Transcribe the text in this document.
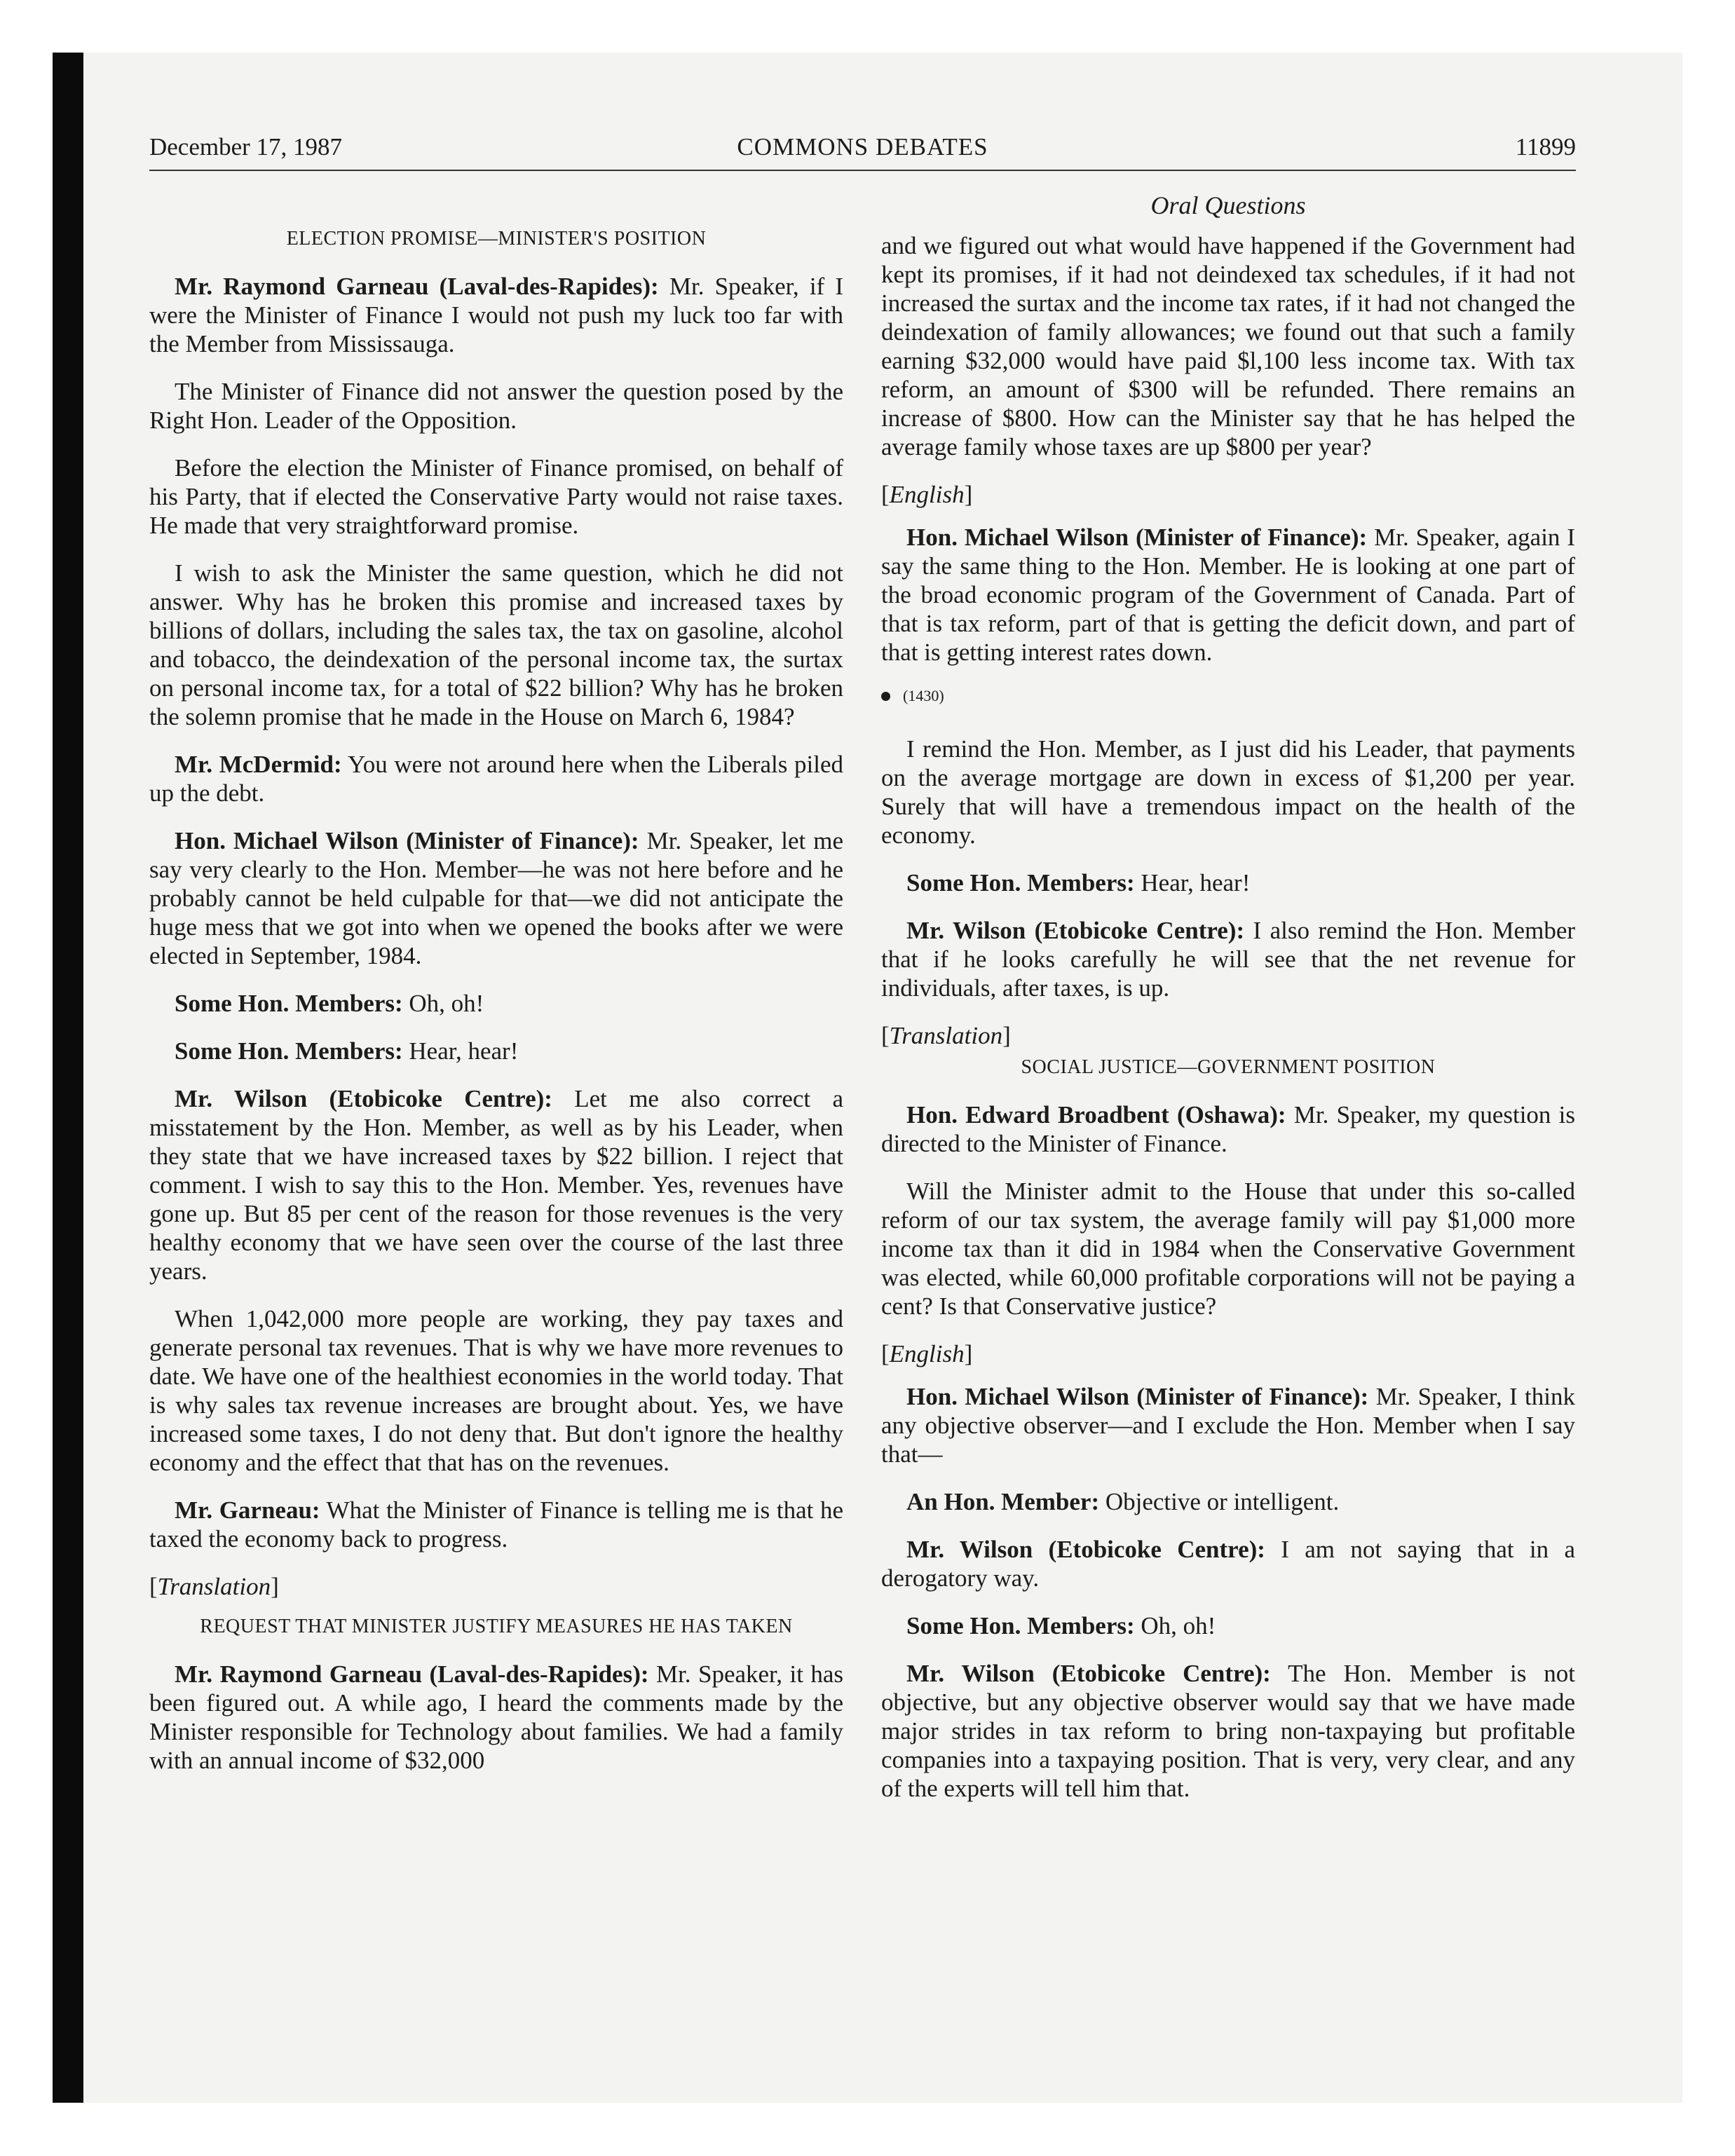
December 17, 1987	COMMONS DEBATES	11899
ELECTION PROMISE—MINISTER'S POSITION

Mr. Raymond Garneau (Laval-des-Rapides): Mr. Speaker, if I were the Minister of Finance I would not push my luck too far with the Member from Mississauga.

The Minister of Finance did not answer the question posed by the Right Hon. Leader of the Opposition.

Before the election the Minister of Finance promised, on behalf of his Party, that if elected the Conservative Party would not raise taxes. He made that very straightforward promise.

I wish to ask the Minister the same question, which he did not answer. Why has he broken this promise and increased taxes by billions of dollars, including the sales tax, the tax on gasoline, alcohol and tobacco, the deindexation of the personal income tax, the surtax on personal income tax, for a total of $22 billion? Why has he broken the solemn promise that he made in the House on March 6, 1984?

Mr. McDermid: You were not around here when the Liberals piled up the debt.

Hon. Michael Wilson (Minister of Finance): Mr. Speaker, let me say very clearly to the Hon. Member—he was not here before and he probably cannot be held culpable for that—we did not anticipate the huge mess that we got into when we opened the books after we were elected in September, 1984.

Some Hon. Members: Oh, oh!

Some Hon. Members: Hear, hear!

Mr. Wilson (Etobicoke Centre): Let me also correct a misstatement by the Hon. Member, as well as by his Leader, when they state that we have increased taxes by $22 billion. I reject that comment. I wish to say this to the Hon. Member. Yes, revenues have gone up. But 85 per cent of the reason for those revenues is the very healthy economy that we have seen over the course of the last three years.

When 1,042,000 more people are working, they pay taxes and generate personal tax revenues. That is why we have more revenues to date. We have one of the healthiest economies in the world today. That is why sales tax revenue increases are brought about. Yes, we have increased some taxes, I do not deny that. But don't ignore the healthy economy and the effect that that has on the revenues.

Mr. Garneau: What the Minister of Finance is telling me is that he taxed the economy back to progress.

[Translation]
REQUEST THAT MINISTER JUSTIFY MEASURES HE HAS TAKEN

Mr. Raymond Garneau (Laval-des-Rapides): Mr. Speaker, it has been figured out. A while ago, I heard the comments made by the Minister responsible for Technology about families. We had a family with an annual income of $32,000

Oral Questions

and we figured out what would have happened if the Government had kept its promises, if it had not deindexed tax schedules, if it had not increased the surtax and the income tax rates, if it had not changed the deindexation of family allowances; we found out that such a family earning $32,000 would have paid $l,100 less income tax. With tax reform, an amount of $300 will be refunded. There remains an increase of $800. How can the Minister say that he has helped the average family whose taxes are up $800 per year?

[English]

Hon. Michael Wilson (Minister of Finance): Mr. Speaker, again I say the same thing to the Hon. Member. He is looking at one part of the broad economic program of the Government of Canada. Part of that is tax reform, part of that is getting the deficit down, and part of that is getting interest rates down.

(1430)

I remind the Hon. Member, as I just did his Leader, that payments on the average mortgage are down in excess of $1,200 per year. Surely that will have a tremendous impact on the health of the economy.

Some Hon. Members: Hear, hear!

Mr. Wilson (Etobicoke Centre): I also remind the Hon. Member that if he looks carefully he will see that the net revenue for individuals, after taxes, is up.

[Translation]
SOCIAL JUSTICE—GOVERNMENT POSITION

Hon. Edward Broadbent (Oshawa): Mr. Speaker, my question is directed to the Minister of Finance.

Will the Minister admit to the House that under this so-called reform of our tax system, the average family will pay $1,000 more income tax than it did in 1984 when the Conservative Government was elected, while 60,000 profitable corporations will not be paying a cent? Is that Conservative justice?

[English]

Hon. Michael Wilson (Minister of Finance): Mr. Speaker, I think any objective observer—and I exclude the Hon. Member when I say that—

An Hon. Member: Objective or intelligent.

Mr. Wilson (Etobicoke Centre): I am not saying that in a derogatory way.

Some Hon. Members: Oh, oh!

Mr. Wilson (Etobicoke Centre): The Hon. Member is not objective, but any objective observer would say that we have made major strides in tax reform to bring non-taxpaying but profitable companies into a taxpaying position. That is very, very clear, and any of the experts will tell him that.
